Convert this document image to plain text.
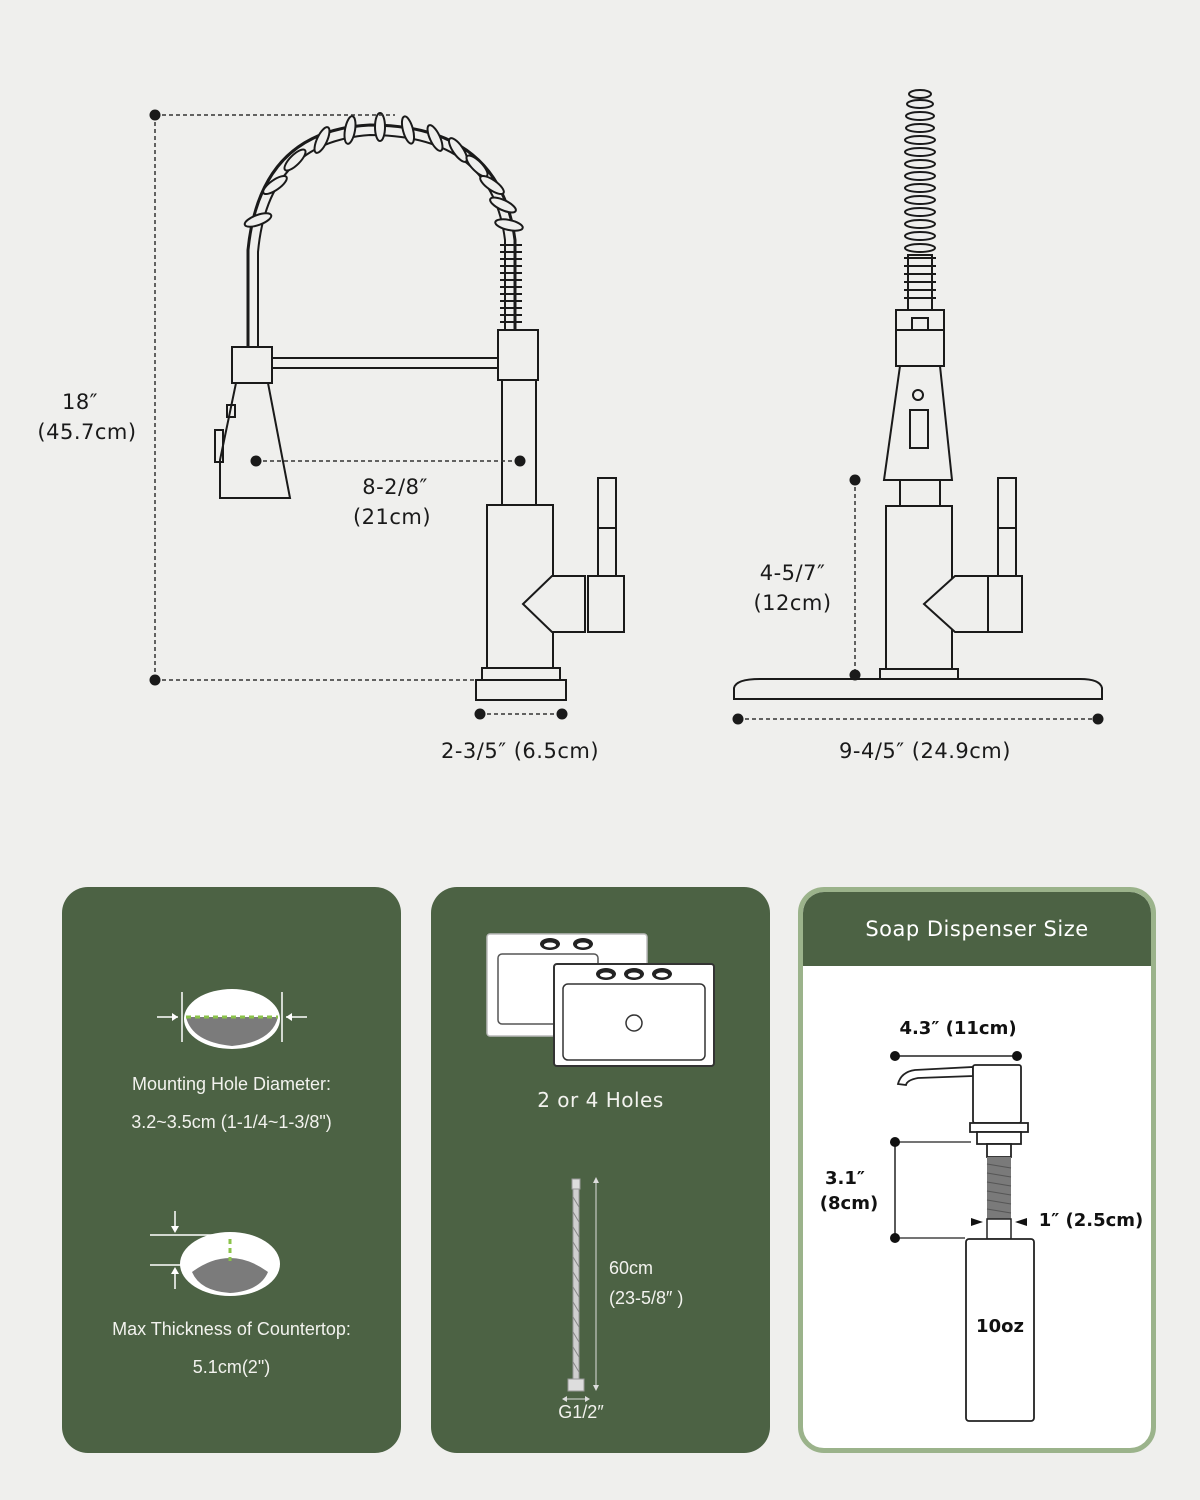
18″
(45.7cm)
8-2/8″
(21cm)
2-3/5″ (6.5cm)
4-5/7″
(12cm)
9-4/5″ (24.9cm)
Mounting Hole Diameter:
3.2~3.5cm (1-1/4~1-3/8")
Max Thickness of Countertop:
5.1cm(2")
2 or 4 Holes
60cm
(23-5/8″ )
G1/2″
Soap Dispenser Size
4.3″ (11cm)
3.1″
(8cm)
1″ (2.5cm)
10oz
